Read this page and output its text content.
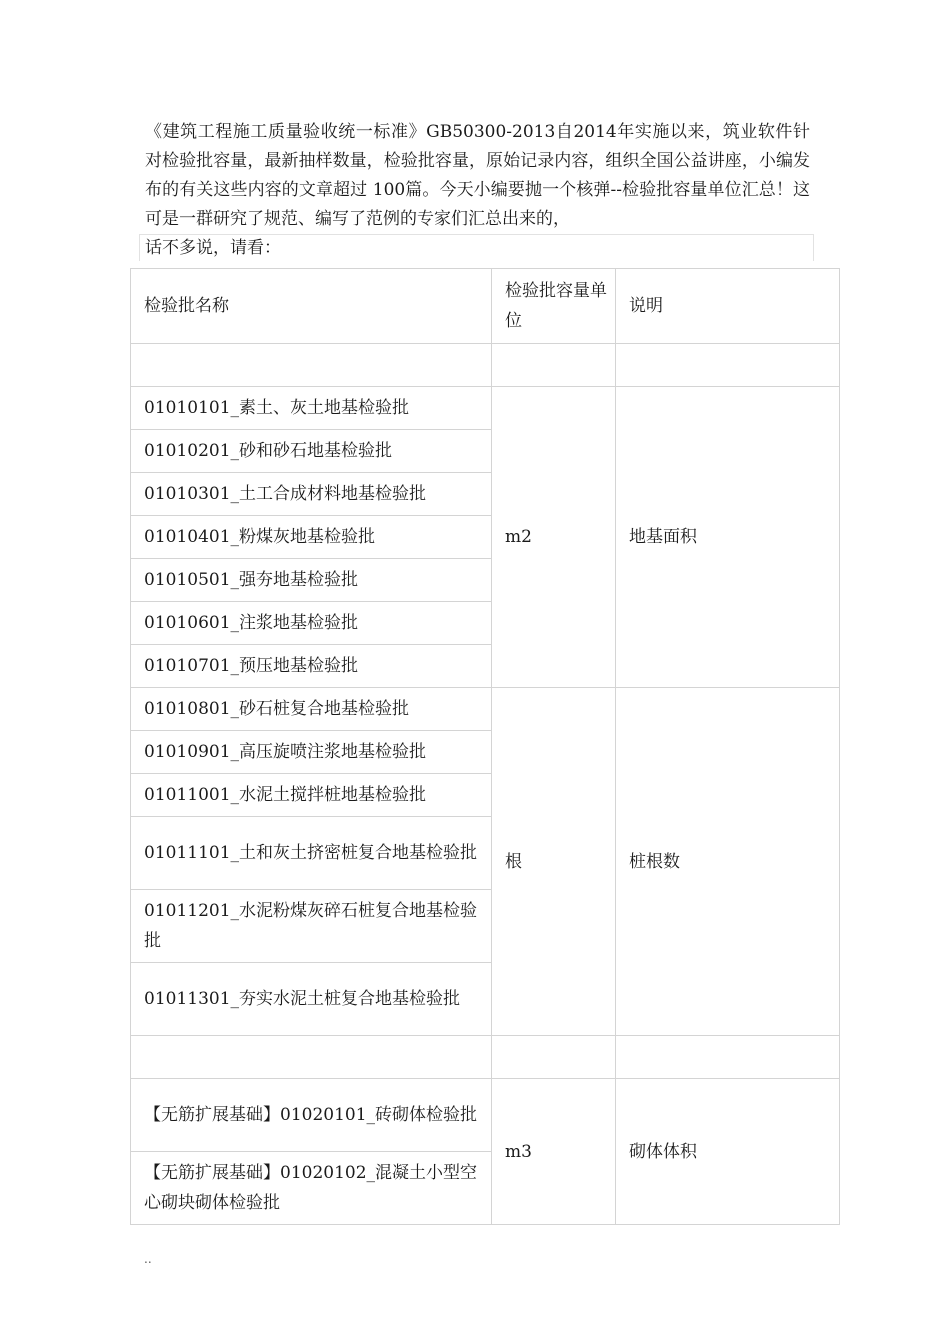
《建筑工程施工质量验收统一标准》GB50300-2013自2014年实施以来，筑业软件针对检验批容量，最新抽样数量，检验批容量，原始记录内容，组织全国公益讲座，小编发布的有关这些内容的文章超过 100篇。今天小编要抛一个核弹--检验批容量单位汇总！这可是一群研究了规范、编写了范例的专家们汇总出来的，

话不多说，请看：
检验批名称	检验批容量单位	说明

01010101_素土、灰土地基检验批	m2	地基面积
01010201_砂和砂石地基检验批		
01010301_土工合成材料地基检验批		
01010401_粉煤灰地基检验批		
01010501_强夯地基检验批		
01010601_注浆地基检验批		
01010701_预压地基检验批		
01010801_砂石桩复合地基检验批	根	桩根数
01010901_高压旋喷注浆地基检验批		
01011001_水泥土搅拌桩地基检验批		
01011101_土和灰土挤密桩复合地基检验批		
01011201_水泥粉煤灰碎石桩复合地基检验批		
01011301_夯实水泥土桩复合地基检验批		

【无筋扩展基础】01020101_砖砌体检验批	m3	砌体体积
【无筋扩展基础】01020102_混凝土小型空心砌块砌体检验批		
..
